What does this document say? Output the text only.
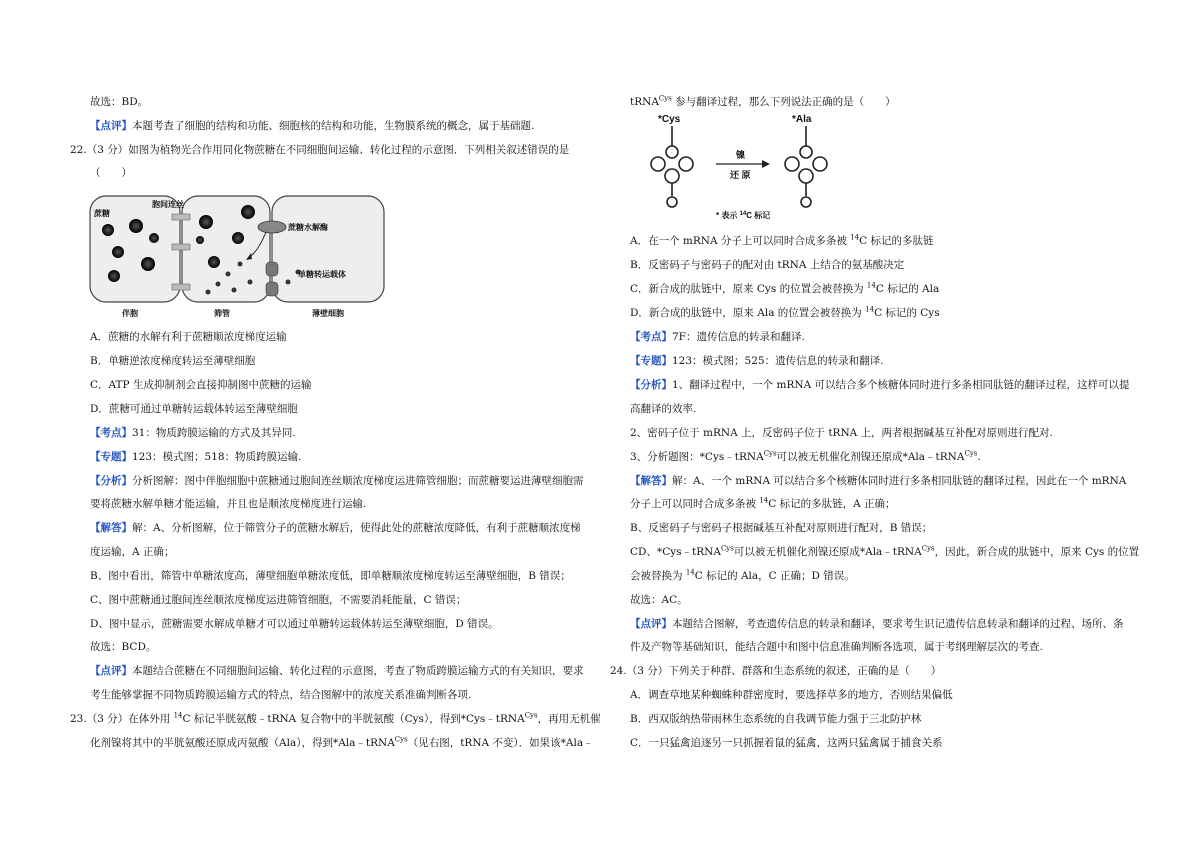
故选：BD。
【点评】本题考查了细胞的结构和功能、细胞核的结构和功能，生物膜系统的概念，属于基础题.
22.（3 分）如图为植物光合作用同化物蔗糖在不同细胞间运输、转化过程的示意图．下列相关叙述错误的是
（　　）
蔗糖
胞间连丝
蔗糖水解酶
单糖转运载体
伴胞	筛管	薄壁细胞
A．蔗糖的水解有利于蔗糖顺浓度梯度运输
B．单糖逆浓度梯度转运至薄壁细胞
C．ATP 生成抑制剂会直接抑制图中蔗糖的运输
D．蔗糖可通过单糖转运载体转运至薄壁细胞
【考点】31：物质跨膜运输的方式及其异同.
【专题】123：模式图；518：物质跨膜运输.
【分析】分析图解：图中伴胞细胞中蔗糖通过胞间连丝顺浓度梯度运进筛管细胞；而蔗糖要运进薄壁细胞需
要将蔗糖水解单糖才能运输，并且也是顺浓度梯度进行运输.
【解答】解：A、分析图解，位于筛管分子的蔗糖水解后，使得此处的蔗糖浓度降低，有利于蔗糖顺浓度梯
度运输，A 正确；
B、图中看出，筛管中单糖浓度高，薄壁细胞单糖浓度低，即单糖顺浓度梯度转运至薄壁细胞，B 错误；
C、图中蔗糖通过胞间连丝顺浓度梯度运进筛管细胞，不需要消耗能量，C 错误；
D、图中显示，蔗糖需要水解成单糖才可以通过单糖转运载体转运至薄壁细胞，D 错误。
故选：BCD。
【点评】本题结合蔗糖在不同细胞间运输、转化过程的示意图，考查了物质跨膜运输方式的有关知识，要求
考生能够掌握不同物质跨膜运输方式的特点，结合图解中的浓度关系准确判断各项.
23.（3 分）在体外用 $^{14}$C 标记半胱氨酸﹣tRNA 复合物中的半胱氨酸（Cys），得到*Cys﹣tRNA$^{Cys}$，再用无机催
化剂镍将其中的半胱氨酸还原成丙氨酸（Ala），得到*Ala﹣tRNA$^{Cys}$（见右图，tRNA 不变）．如果该*Ala﹣
tRNA$^{Cys}$ 参与翻译过程，那么下列说法正确的是（　　）
*Cys	*Ala
镍
还 原
* 表示 $^{14}$C 标记
A．在一个 mRNA 分子上可以同时合成多条被 $^{14}$C 标记的多肽链
B．反密码子与密码子的配对由 tRNA 上结合的氨基酸决定
C．新合成的肽链中，原来 Cys 的位置会被替换为 $^{14}$C 标记的 Ala
D．新合成的肽链中，原来 Ala 的位置会被替换为 $^{14}$C 标记的 Cys
【考点】7F：遗传信息的转录和翻译.
【专题】123：模式图；525：遗传信息的转录和翻译.
【分析】1、翻译过程中，一个 mRNA 可以结合多个核糖体同时进行多条相同肽链的翻译过程，这样可以提
高翻译的效率.
2、密码子位于 mRNA 上，反密码子位于 tRNA 上，两者根据碱基互补配对原则进行配对.
3、分析题图：*Cys﹣tRNA$^{Cys}$可以被无机催化剂镍还原成*Ala﹣tRNA$^{Cys}$.
【解答】解：A、一个 mRNA 可以结合多个核糖体同时进行多条相同肽链的翻译过程，因此在一个 mRNA
分子上可以同时合成多条被 $^{14}$C 标记的多肽链，A 正确；
B、反密码子与密码子根据碱基互补配对原则进行配对，B 错误；
CD、*Cys﹣tRNA$^{Cys}$可以被无机催化剂镍还原成*Ala﹣tRNA$^{Cys}$，因此，新合成的肽链中，原来 Cys 的位置
会被替换为 $^{14}$C 标记的 Ala，C 正确；D 错误。
故选：AC。
【点评】本题结合图解，考查遗传信息的转录和翻译，要求考生识记遗传信息转录和翻译的过程、场所、条
件及产物等基础知识，能结合题中和图中信息准确判断各选项，属于考纲理解层次的考查.
24.（3 分）下列关于种群、群落和生态系统的叙述，正确的是（　　）
A．调查草地某种蜘蛛种群密度时，要选择草多的地方，否则结果偏低
B．西双版纳热带雨林生态系统的自我调节能力强于三北防护林
C．一只猛禽追逐另一只抓握着鼠的猛禽，这两只猛禽属于捕食关系
